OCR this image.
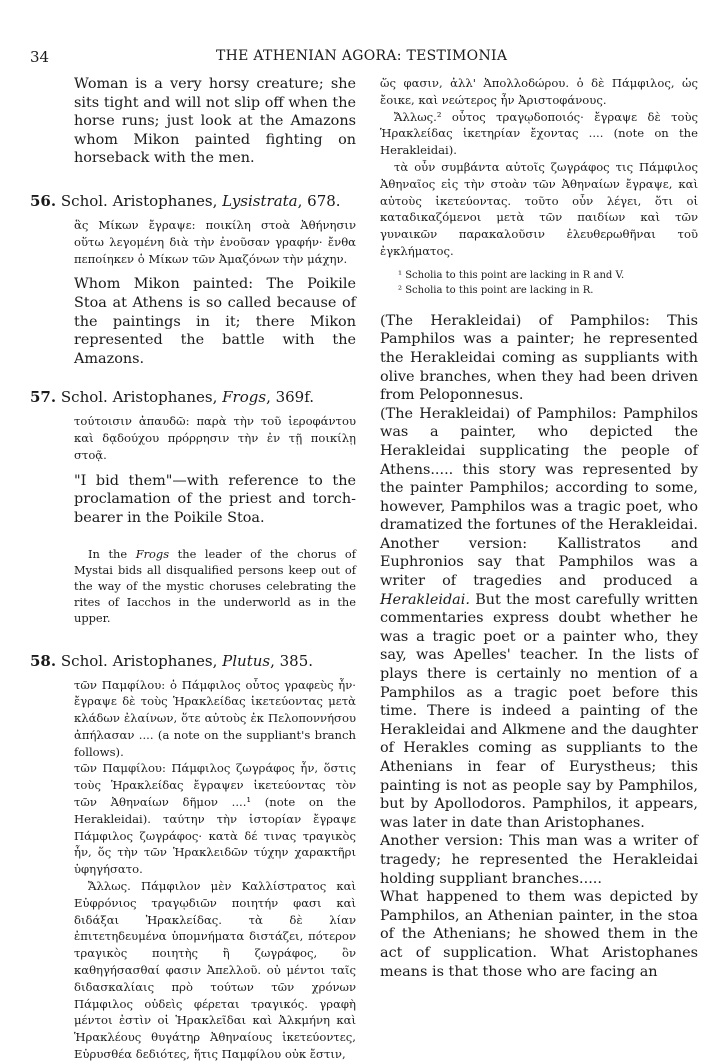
34	THE ATHENIAN AGORA: TESTIMONIA

Woman is a very horsy creature; she sits tight and will not slip off when the horse runs; just look at the Amazons whom Mikon painted fighting on horseback with the men.

56. Schol. Aristophanes, Lysistrata, 678.

ἃς Μίκων ἔγραψε: ποικίλη στοὰ Ἀθήνησιν οὕτω λεγομένη διὰ τὴν ἐνοῦσαν γραφήν· ἔνθα πεποίηκεν ὁ Μίκων τῶν Ἀμαζόνων τὴν μάχην.

Whom Mikon painted: The Poikile Stoa at Athens is so called because of the paintings in it; there Mikon represented the battle with the Amazons.

57. Schol. Aristophanes, Frogs, 369f.

τούτοισιν ἀπαυδῶ: παρὰ τὴν τοῦ ἱεροφάντου καὶ δᾳδούχου πρόρρησιν τὴν ἐν τῇ ποικίλῃ στοᾷ.

"I bid them"—with reference to the proclamation of the priest and torch-bearer in the Poikile Stoa.

In the Frogs the leader of the chorus of Mystai bids all disqualified persons keep out of the way of the mystic choruses celebrating the rites of Iacchos in the underworld as in the upper.

58. Schol. Aristophanes, Plutus, 385.

τῶν Παμφίλου: ὁ Πάμφιλος οὗτος γραφεὺς ἦν· ἔγραψε δὲ τοὺς Ἡρακλείδας ἱκετεύοντας μετὰ κλάδων ἐλαίνων, ὅτε αὐτοὺς ἐκ Πελοποννήσου ἀπήλασαν .... (a note on the suppliant's branch follows).

τῶν Παμφίλου: Πάμφιλος ζωγράφος ἦν, ὅστις τοὺς Ἡρακλείδας ἔγραψεν ἱκετεύοντας τὸν τῶν Ἀθηναίων δῆμον ....¹ (note on the Herakleidai). ταύτην τὴν ἱστορίαν ἔγραψε Πάμφιλος ζωγράφος· κατὰ δέ τινας τραγικὸς ἦν, ὅς τὴν τῶν Ἡρακλειδῶν τύχην χαρακτῆρι ὑφηγήσατο.

Ἄλλως. Πάμφιλον μὲν Καλλίστρατος καὶ Εὐφρόνιος τραγῳδιῶν ποιητήν φασι καὶ διδάξαι Ἡρακλείδας. τὰ δὲ λίαν ἐπιτετηδευμένα ὑπομνήματα διστάζει, πότερον τραγικὸς ποιητὴς ἢ ζωγράφος, ὃν καθηγήσασθαί φασιν Ἀπελλοῦ. οὐ μέντοι ταῖς διδασκαλίαις πρὸ τούτων τῶν χρόνων Πάμφιλος οὐδεὶς φέρεται τραγικός. γραφὴ μέντοι ἐστὶν οἱ Ἡρακλεῖδαι καὶ Ἀλκμήνη καὶ Ἡρακλέους θυγάτηρ Ἀθηναίους ἱκετεύοντες, Εὐρυσθέα δεδιότες, ἥτις Παμφίλου οὐκ ἔστιν,

ὥς φασιν, ἀλλ' Ἀπολλοδώρου. ὁ δὲ Πάμφιλος, ὡς ἔοικε, καὶ νεώτερος ἦν Ἀριστοφάνους.

Ἄλλως.² οὗτος τραγῳδοποιός· ἔγραψε δὲ τοὺς Ἡρακλείδας ἱκετηρίαν ἔχοντας .... (note on the Herakleidai).

τὰ οὖν συμβάντα αὐτοῖς ζωγράφος τις Πάμφιλος Ἀθηναῖος εἰς τὴν στοὰν τῶν Ἀθηναίων ἔγραψε, καὶ αὐτοὺς ἱκετεύοντας. τοῦτο οὖν λέγει, ὅτι οἱ καταδικαζόμενοι μετὰ τῶν παιδίων καὶ τῶν γυναικῶν παρακαλοῦσιν ἐλευθερωθῆναι τοῦ ἐγκλήματος.

¹ Scholia to this point are lacking in R and V.

² Scholia to this point are lacking in R.

(The Herakleidai) of Pamphilos: This Pamphilos was a painter; he represented the Herakleidai coming as suppliants with olive branches, when they had been driven from Peloponnesus.

(The Herakleidai) of Pamphilos: Pamphilos was a painter, who depicted the Herakleidai supplicating the people of Athens..... this story was represented by the painter Pamphilos; according to some, however, Pamphilos was a tragic poet, who dramatized the fortunes of the Herakleidai. Another version: Kallistratos and Euphronios say that Pamphilos was a writer of tragedies and produced a Herakleidai. But the most carefully written commentaries express doubt whether he was a tragic poet or a painter who, they say, was Apelles' teacher. In the lists of plays there is certainly no mention of a Pamphilos as a tragic poet before this time. There is indeed a painting of the Herakleidai and Alkmene and the daughter of Herakles coming as suppliants to the Athenians in fear of Eurystheus; this painting is not as people say by Pamphilos, but by Apollodoros. Pamphilos, it appears, was later in date than Aristophanes.

Another version: This man was a writer of tragedy; he represented the Herakleidai holding suppliant branches.....

What happened to them was depicted by Pamphilos, an Athenian painter, in the stoa of the Athenians; he showed them in the act of supplication. What Aristophanes means is that those who are facing an
